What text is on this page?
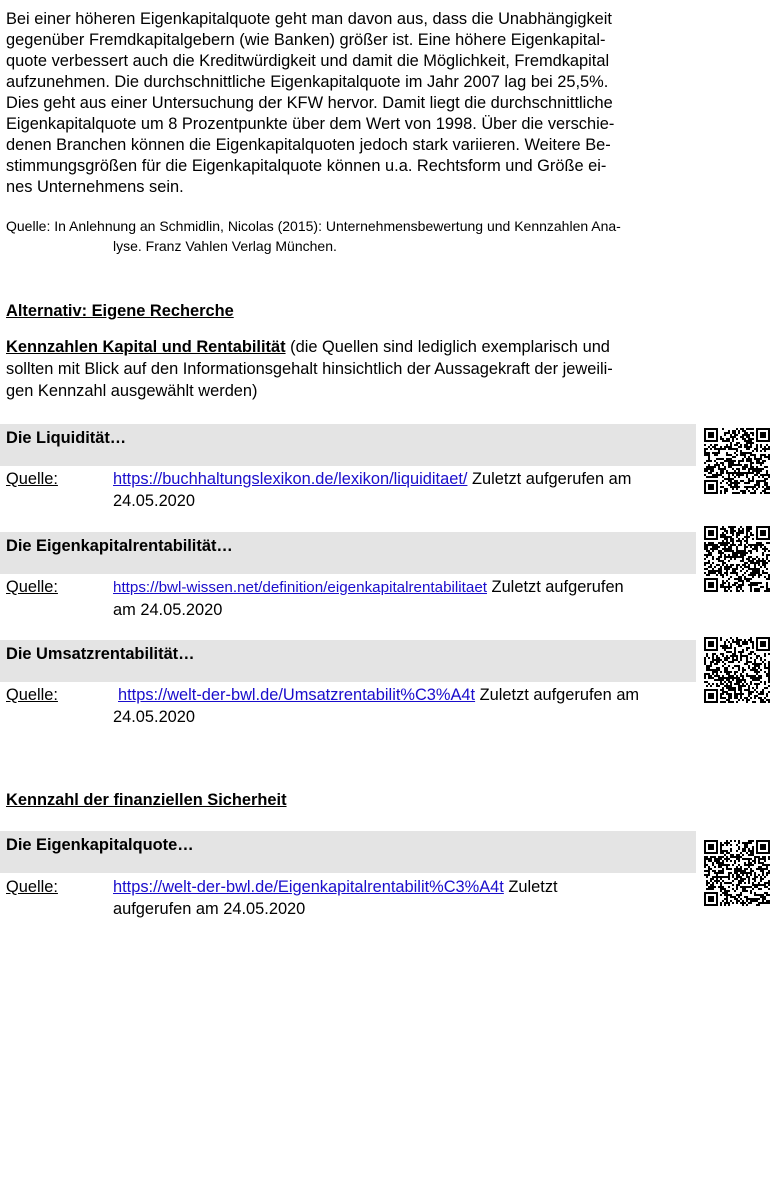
Bei einer höheren Eigenkapitalquote geht man davon aus, dass die Unabhängigkeit
gegenüber Fremdkapitalgebern (wie Banken) größer ist. Eine höhere Eigenkapital-
quote verbessert auch die Kreditwürdigkeit und damit die Möglichkeit, Fremdkapital
aufzunehmen. Die durchschnittliche Eigenkapitalquote im Jahr 2007 lag bei 25,5%.
Dies geht aus einer Untersuchung der KFW hervor. Damit liegt die durchschnittliche
Eigenkapitalquote um 8 Prozentpunkte über dem Wert von 1998. Über die verschie-
denen Branchen können die Eigenkapitalquoten jedoch stark variieren. Weitere Be-
stimmungsgrößen für die Eigenkapitalquote können u.a. Rechtsform und Größe ei-
nes Unternehmens sein.
Quelle: In Anlehnung an Schmidlin, Nicolas (2015): Unternehmensbewertung und Kennzahlen Ana-
lyse. Franz Vahlen Verlag München.
Alternativ: Eigene Recherche
Kennzahlen Kapital und Rentabilität (die Quellen sind lediglich exemplarisch und
sollten mit Blick auf den Informationsgehalt hinsichtlich der Aussagekraft der jeweili-
gen Kennzahl ausgewählt werden)
Die Liquidität…
Quelle:	https://buchhaltungslexikon.de/lexikon/liquiditaet/ Zuletzt aufgerufen am
24.05.2020
Die Eigenkapitalrentabilität…
Quelle:	https://bwl-wissen.net/definition/eigenkapitalrentabilitaet Zuletzt aufgerufen
am 24.05.2020
Die Umsatzrentabilität…
Quelle:	https://welt-der-bwl.de/Umsatzrentabilit%C3%A4t Zuletzt aufgerufen am
24.05.2020
Kennzahl der finanziellen Sicherheit
Die Eigenkapitalquote…
Quelle:	https://welt-der-bwl.de/Eigenkapitalrentabilit%C3%A4t Zuletzt
aufgerufen am 24.05.2020
